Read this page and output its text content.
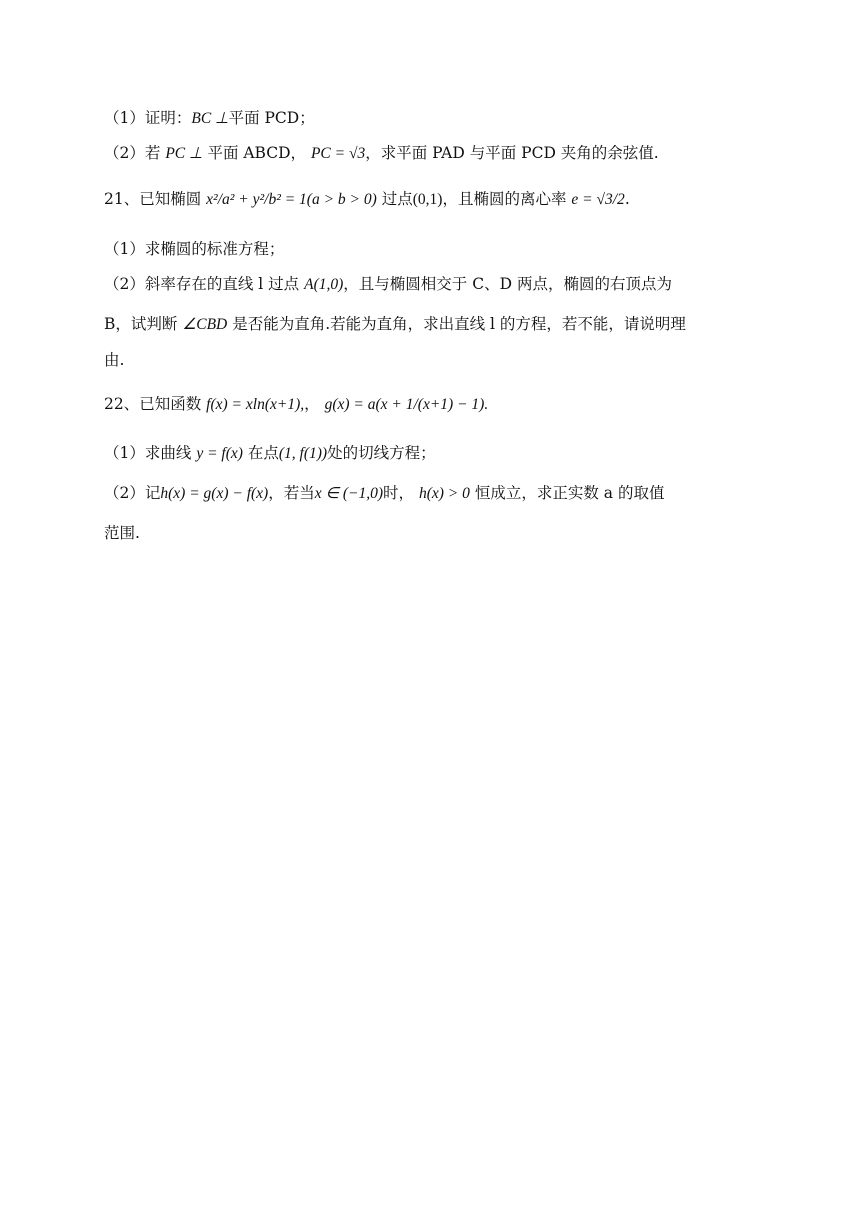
（1）证明：BC ⊥平面 PCD；
（2）若 PC ⊥ 平面 ABCD， PC = √3，求平面 PAD 与平面 PCD 夹角的余弦值.
21、已知椭圆 x²/a² + y²/b² = 1(a > b > 0) 过点(0,1)，且椭圆的离心率 e = √3/2.
（1）求椭圆的标准方程；
（2）斜率存在的直线 l 过点 A(1,0)，且与椭圆相交于 C、D 两点，椭圆的右顶点为
B，试判断 ∠CBD 是否能为直角.若能为直角，求出直线 l 的方程，若不能，请说明理
由.
22、已知函数 f(x) = xln(x+1),， g(x) = a(x + 1/(x+1) − 1).
（1）求曲线 y = f(x) 在点(1, f(1))处的切线方程；
（2）记h(x) = g(x) − f(x)，若当x ∈ (−1,0)时， h(x) > 0 恒成立，求正实数 a 的取值
范围.
